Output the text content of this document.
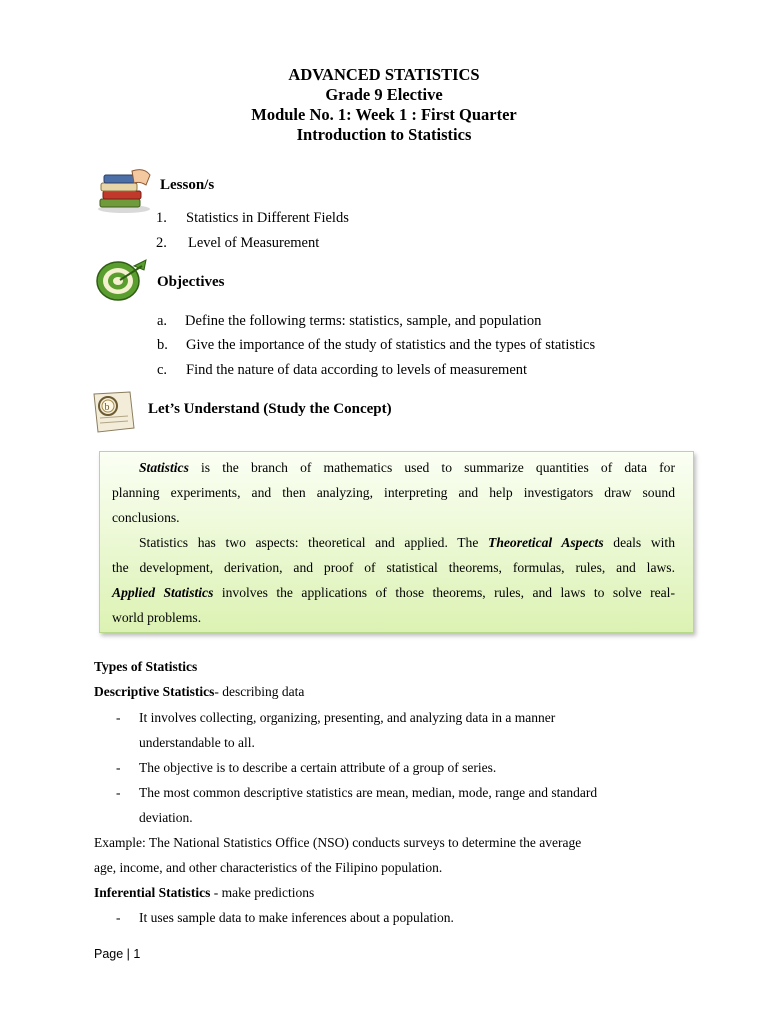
ADVANCED STATISTICS
Grade 9 Elective
Module No. 1: Week 1 : First Quarter
Introduction to Statistics
Lesson/s
1. Statistics in Different Fields
2. Level of Measurement
Objectives
a. Define the following terms: statistics, sample, and population
b. Give the importance of the study of statistics and the types of statistics
c. Find the nature of data according to levels of measurement
b	Let’s Understand (Study the Concept)

Statistics is the branch of mathematics used to summarize quantities of data for

planning experiments, and then analyzing, interpreting and help investigators draw sound

conclusions.

Statistics has two aspects: theoretical and applied. The Theoretical Aspects deals with

the development, derivation, and proof of statistical theorems, formulas, rules, and laws.

Applied Statistics involves the applications of those theorems, rules, and laws to solve real-

world problems.

Types of Statistics
Descriptive Statistics- describing data
- It involves collecting, organizing, presenting, and analyzing data in a manner
understandable to all.
- The objective is to describe a certain attribute of a group of series.
- The most common descriptive statistics are mean, median, mode, range and standard
deviation.
Example: The National Statistics Office (NSO) conducts surveys to determine the average
age, income, and other characteristics of the Filipino population.
Inferential Statistics - make predictions
- It uses sample data to make inferences about a population.
Page | 1
